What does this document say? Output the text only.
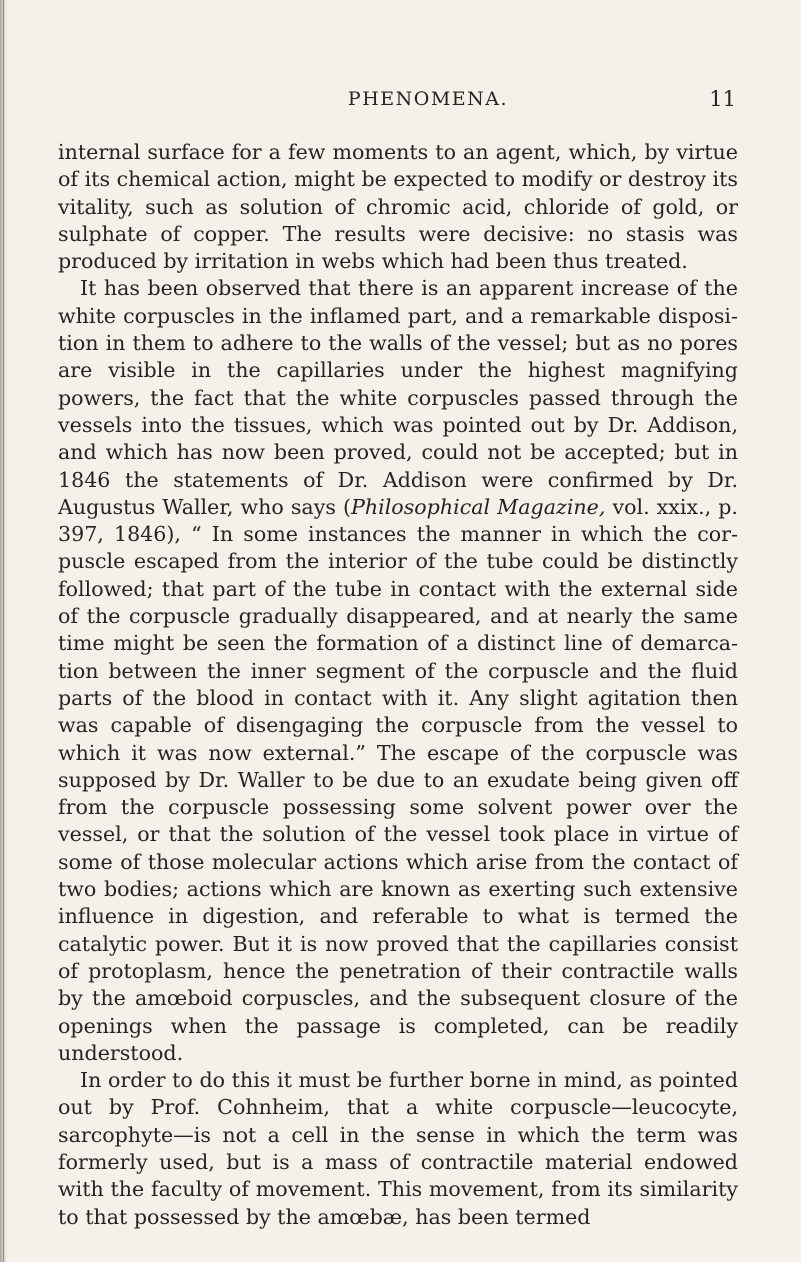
PHENOMENA.	11

internal surface for a few moments to an agent, which, by virtue of its chemical action, might be expected to modify or destroy its vitality, such as solution of chromic acid, chloride of gold, or sulphate of copper. The results were decisive: no stasis was produced by irritation in webs which had been thus treated.

It has been observed that there is an apparent increase of the white corpuscles in the inflamed part, and a remarkable disposition in them to adhere to the walls of the vessel; but as no pores are visible in the capillaries under the highest magnifying powers, the fact that the white corpuscles passed through the vessels into the tissues, which was pointed out by Dr. Addison, and which has now been proved, could not be accepted; but in 1846 the statements of Dr. Addison were confirmed by Dr. Augustus Waller, who says (Philosophical Magazine, vol. xxix., p. 397, 1846), “ In some instances the manner in which the corpuscle escaped from the interior of the tube could be distinctly followed; that part of the tube in contact with the external side of the corpuscle gradually disappeared, and at nearly the same time might be seen the formation of a distinct line of demarcation between the inner segment of the corpuscle and the fluid parts of the blood in contact with it. Any slight agitation then was capable of disengaging the corpuscle from the vessel to which it was now external.” The escape of the corpuscle was supposed by Dr. Waller to be due to an exudate being given off from the corpuscle possessing some solvent power over the vessel, or that the solution of the vessel took place in virtue of some of those molecular actions which arise from the contact of two bodies; actions which are known as exerting such extensive influence in digestion, and referable to what is termed the catalytic power. But it is now proved that the capillaries consist of protoplasm, hence the penetration of their contractile walls by the amœboid corpuscles, and the subsequent closure of the openings when the passage is completed, can be readily understood.

In order to do this it must be further borne in mind, as pointed out by Prof. Cohnheim, that a white corpuscle—leucocyte, sarcophyte—is not a cell in the sense in which the term was formerly used, but is a mass of contractile material endowed with the faculty of movement. This movement, from its similarity to that possessed by the amœbæ, has been termed
